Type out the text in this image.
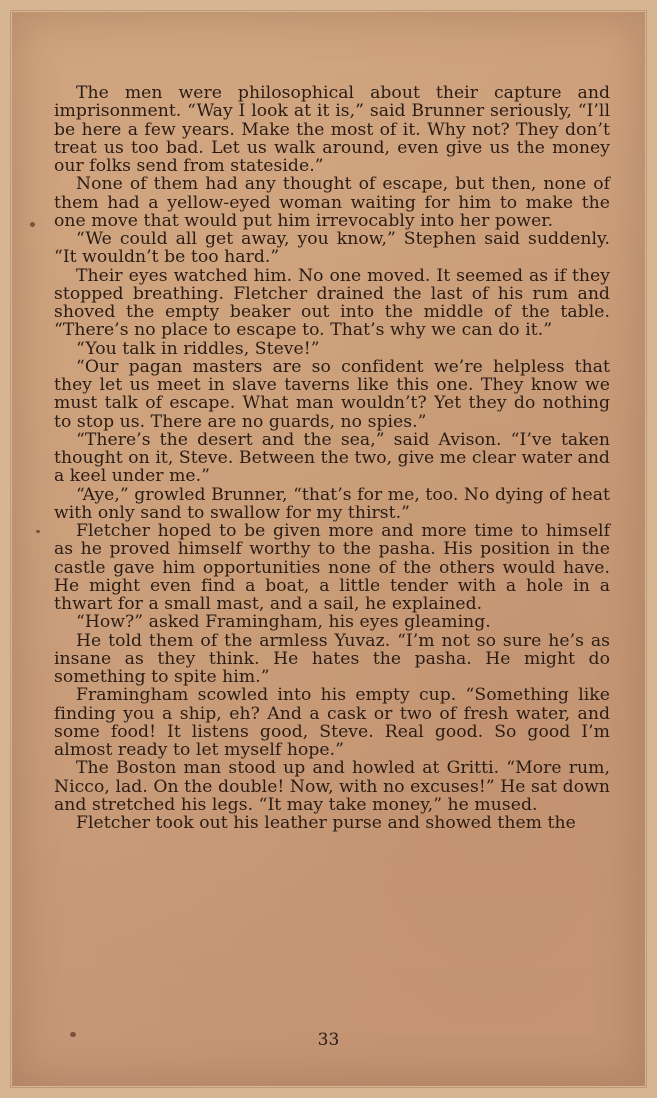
The men were philosophical about their capture and imprisonment. “Way I look at it is,” said Brunner seriously, “I’ll be here a few years. Make the most of it. Why not? They don’t treat us too bad. Let us walk around, even give us the money our folks send from stateside.”

None of them had any thought of escape, but then, none of them had a yellow-eyed woman waiting for him to make the one move that would put him irrevocably into her power.

“We could all get away, you know,” Stephen said suddenly. “It wouldn’t be too hard.”

Their eyes watched him. No one moved. It seemed as if they stopped breathing. Fletcher drained the last of his rum and shoved the empty beaker out into the middle of the table. “There’s no place to escape to. That’s why we can do it.”

“You talk in riddles, Steve!”

“Our pagan masters are so confident we’re helpless that they let us meet in slave taverns like this one. They know we must talk of escape. What man wouldn’t? Yet they do nothing to stop us. There are no guards, no spies.”

“There’s the desert and the sea,” said Avison. “I’ve taken thought on it, Steve. Between the two, give me clear water and a keel under me.”

“Aye,” growled Brunner, “that’s for me, too. No dying of heat with only sand to swallow for my thirst.”

Fletcher hoped to be given more and more time to himself as he proved himself worthy to the pasha. His position in the castle gave him opportunities none of the others would have. He might even find a boat, a little tender with a hole in a thwart for a small mast, and a sail, he explained.

“How?” asked Framingham, his eyes gleaming.

He told them of the armless Yuvaz. “I’m not so sure he’s as insane as they think. He hates the pasha. He might do something to spite him.”

Framingham scowled into his empty cup. “Something like finding you a ship, eh? And a cask or two of fresh water, and some food! It listens good, Steve. Real good. So good I’m almost ready to let myself hope.”

The Boston man stood up and howled at Gritti. “More rum, Nicco, lad. On the double! Now, with no excuses!” He sat down and stretched his legs. “It may take money,” he mused.

Fletcher took out his leather purse and showed them the

33
